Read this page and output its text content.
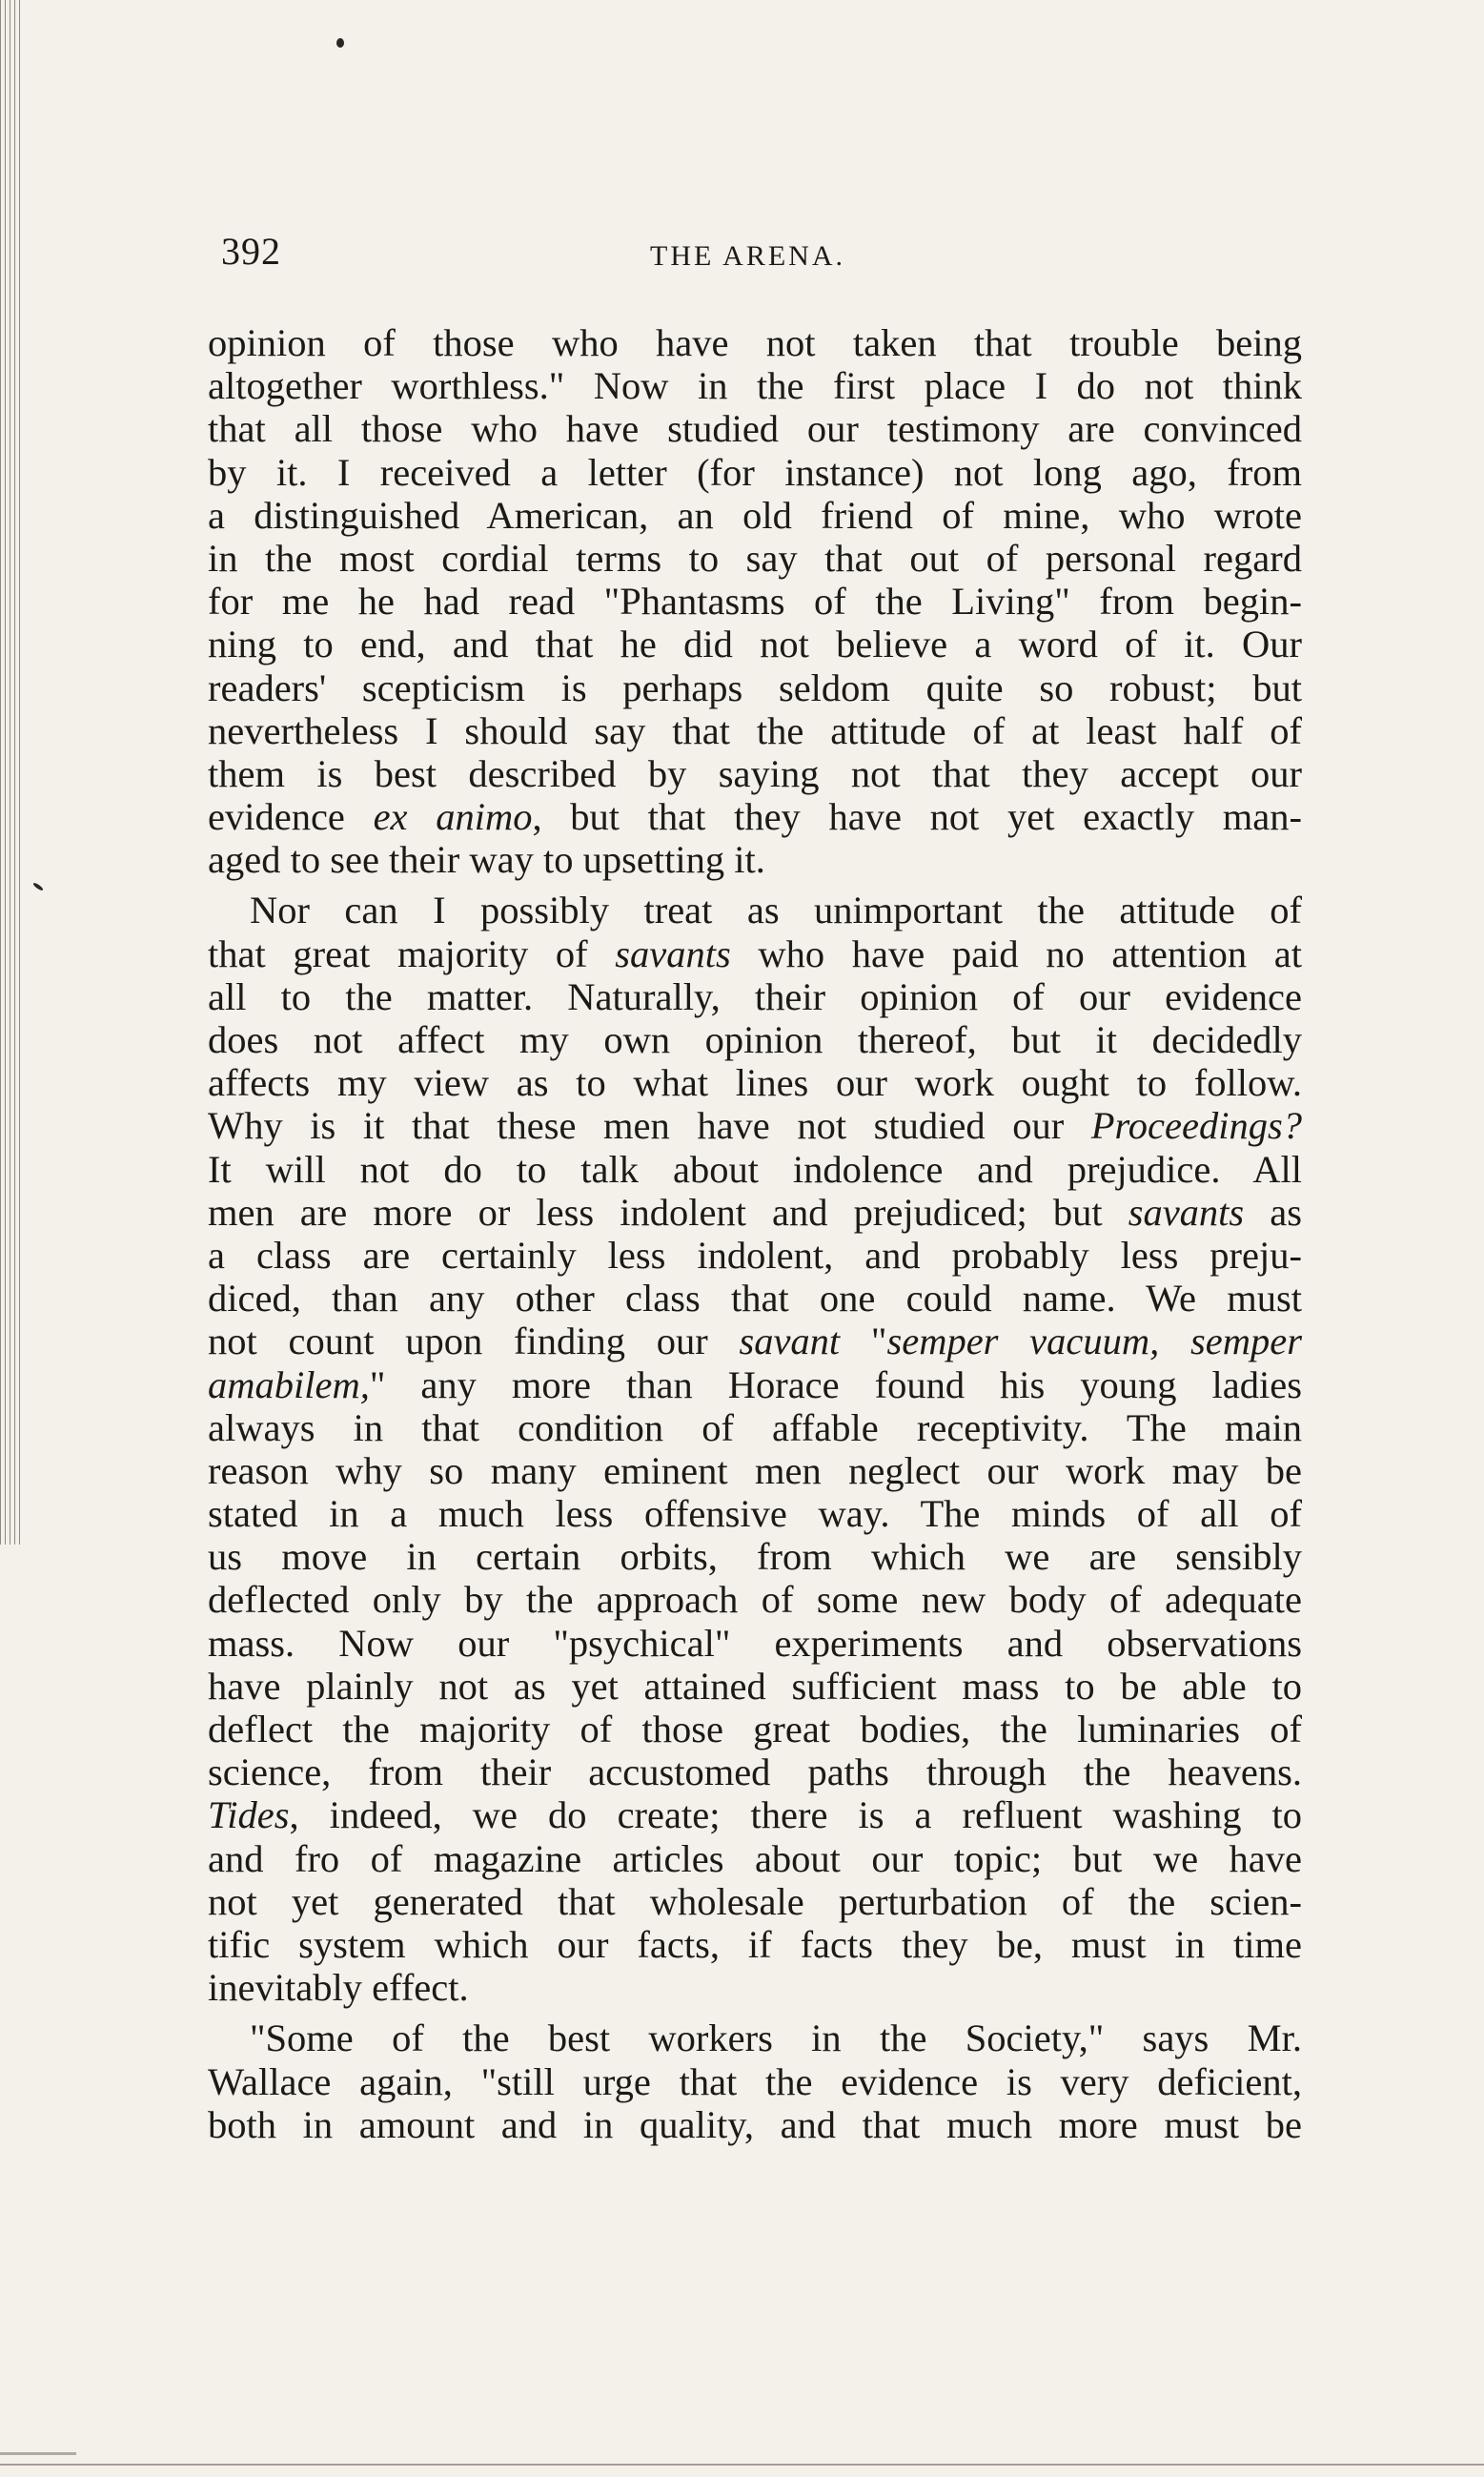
392	THE ARENA.
opinion of those who have not taken that trouble being
altogether worthless." Now in the first place I do not think
that all those who have studied our testimony are convinced
by it. I received a letter (for instance) not long ago, from
a distinguished American, an old friend of mine, who wrote
in the most cordial terms to say that out of personal regard
for me he had read "Phantasms of the Living" from begin-
ning to end, and that he did not believe a word of it. Our
readers' scepticism is perhaps seldom quite so robust; but
nevertheless I should say that the attitude of at least half of
them is best described by saying not that they accept our
evidence ex animo, but that they have not yet exactly man-
aged to see their way to upsetting it.
Nor can I possibly treat as unimportant the attitude of
that great majority of savants who have paid no attention at
all to the matter. Naturally, their opinion of our evidence
does not affect my own opinion thereof, but it decidedly
affects my view as to what lines our work ought to follow.
Why is it that these men have not studied our Proceedings?
It will not do to talk about indolence and prejudice. All
men are more or less indolent and prejudiced; but savants as
a class are certainly less indolent, and probably less preju-
diced, than any other class that one could name. We must
not count upon finding our savant "semper vacuum, semper
amabilem," any more than Horace found his young ladies
always in that condition of affable receptivity. The main
reason why so many eminent men neglect our work may be
stated in a much less offensive way. The minds of all of
us move in certain orbits, from which we are sensibly
deflected only by the approach of some new body of adequate
mass. Now our "psychical" experiments and observations
have plainly not as yet attained sufficient mass to be able to
deflect the majority of those great bodies, the luminaries of
science, from their accustomed paths through the heavens.
Tides, indeed, we do create; there is a refluent washing to
and fro of magazine articles about our topic; but we have
not yet generated that wholesale perturbation of the scien-
tific system which our facts, if facts they be, must in time
inevitably effect.
"Some of the best workers in the Society," says Mr.
Wallace again, "still urge that the evidence is very deficient,
both in amount and in quality, and that much more must be
